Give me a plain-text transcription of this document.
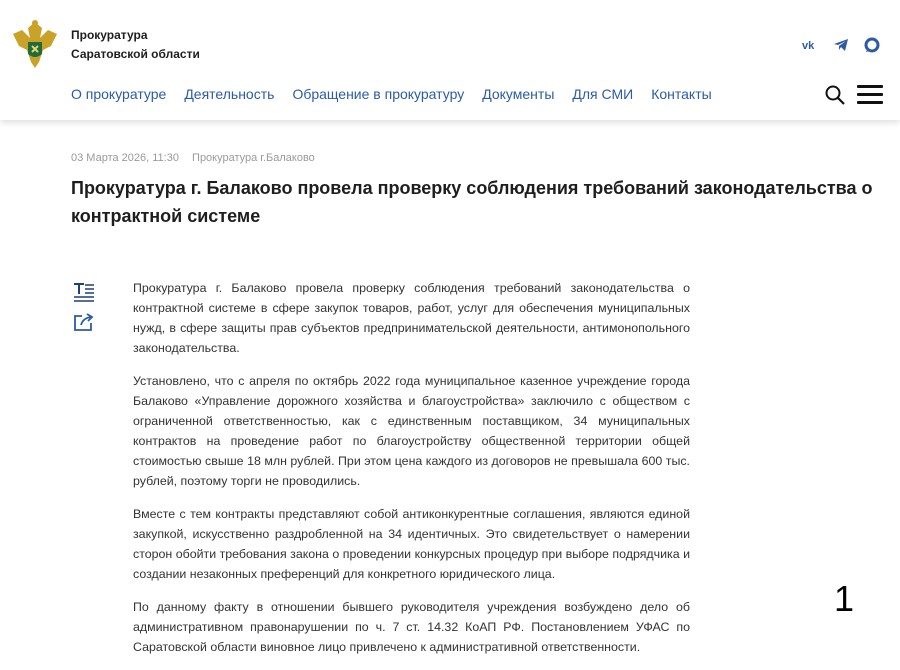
Прокуратура
Саратовской области
vk
О прокуратуре Деятельность Обращение в прокуратуру Документы Для СМИ Контакты
03 Марта 2026, 11:30 Прокуратура г.Балаково
Прокуратура г. Балаково провела проверку соблюдения требований законодательства о контрактной системе

Прокуратура г. Балаково провела проверку соблюдения требований законодательства о контрактной системе в сфере закупок товаров, работ, услуг для обеспечения муниципальных нужд, в сфере защиты прав субъектов предпринимательской деятельности, антимонопольного законодательства.

Установлено, что с апреля по октябрь 2022 года муниципальное казенное учреждение города Балаково «Управление дорожного хозяйства и благоустройства» заключило с обществом с ограниченной ответственностью, как с единственным поставщиком, 34 муниципальных контрактов на проведение работ по благоустройству общественной территории общей стоимостью свыше 18 млн рублей. При этом цена каждого из договоров не превышала 600 тыс. рублей, поэтому торги не проводились.

Вместе с тем контракты представляют собой антиконкурентные соглашения, являются единой закупкой, искусственно раздробленной на 34 идентичных. Это свидетельствует о намерении сторон обойти требования закона о проведении конкурсных процедур при выборе подрядчика и создании незаконных преференций для конкретного юридического лица.

По данному факту в отношении бывшего руководителя учреждения возбуждено дело об административном правонарушении по ч. 7 ст. 14.32 КоАП РФ. Постановлением УФАС по Саратовской области виновное лицо привлечено к административной ответственности.

1
